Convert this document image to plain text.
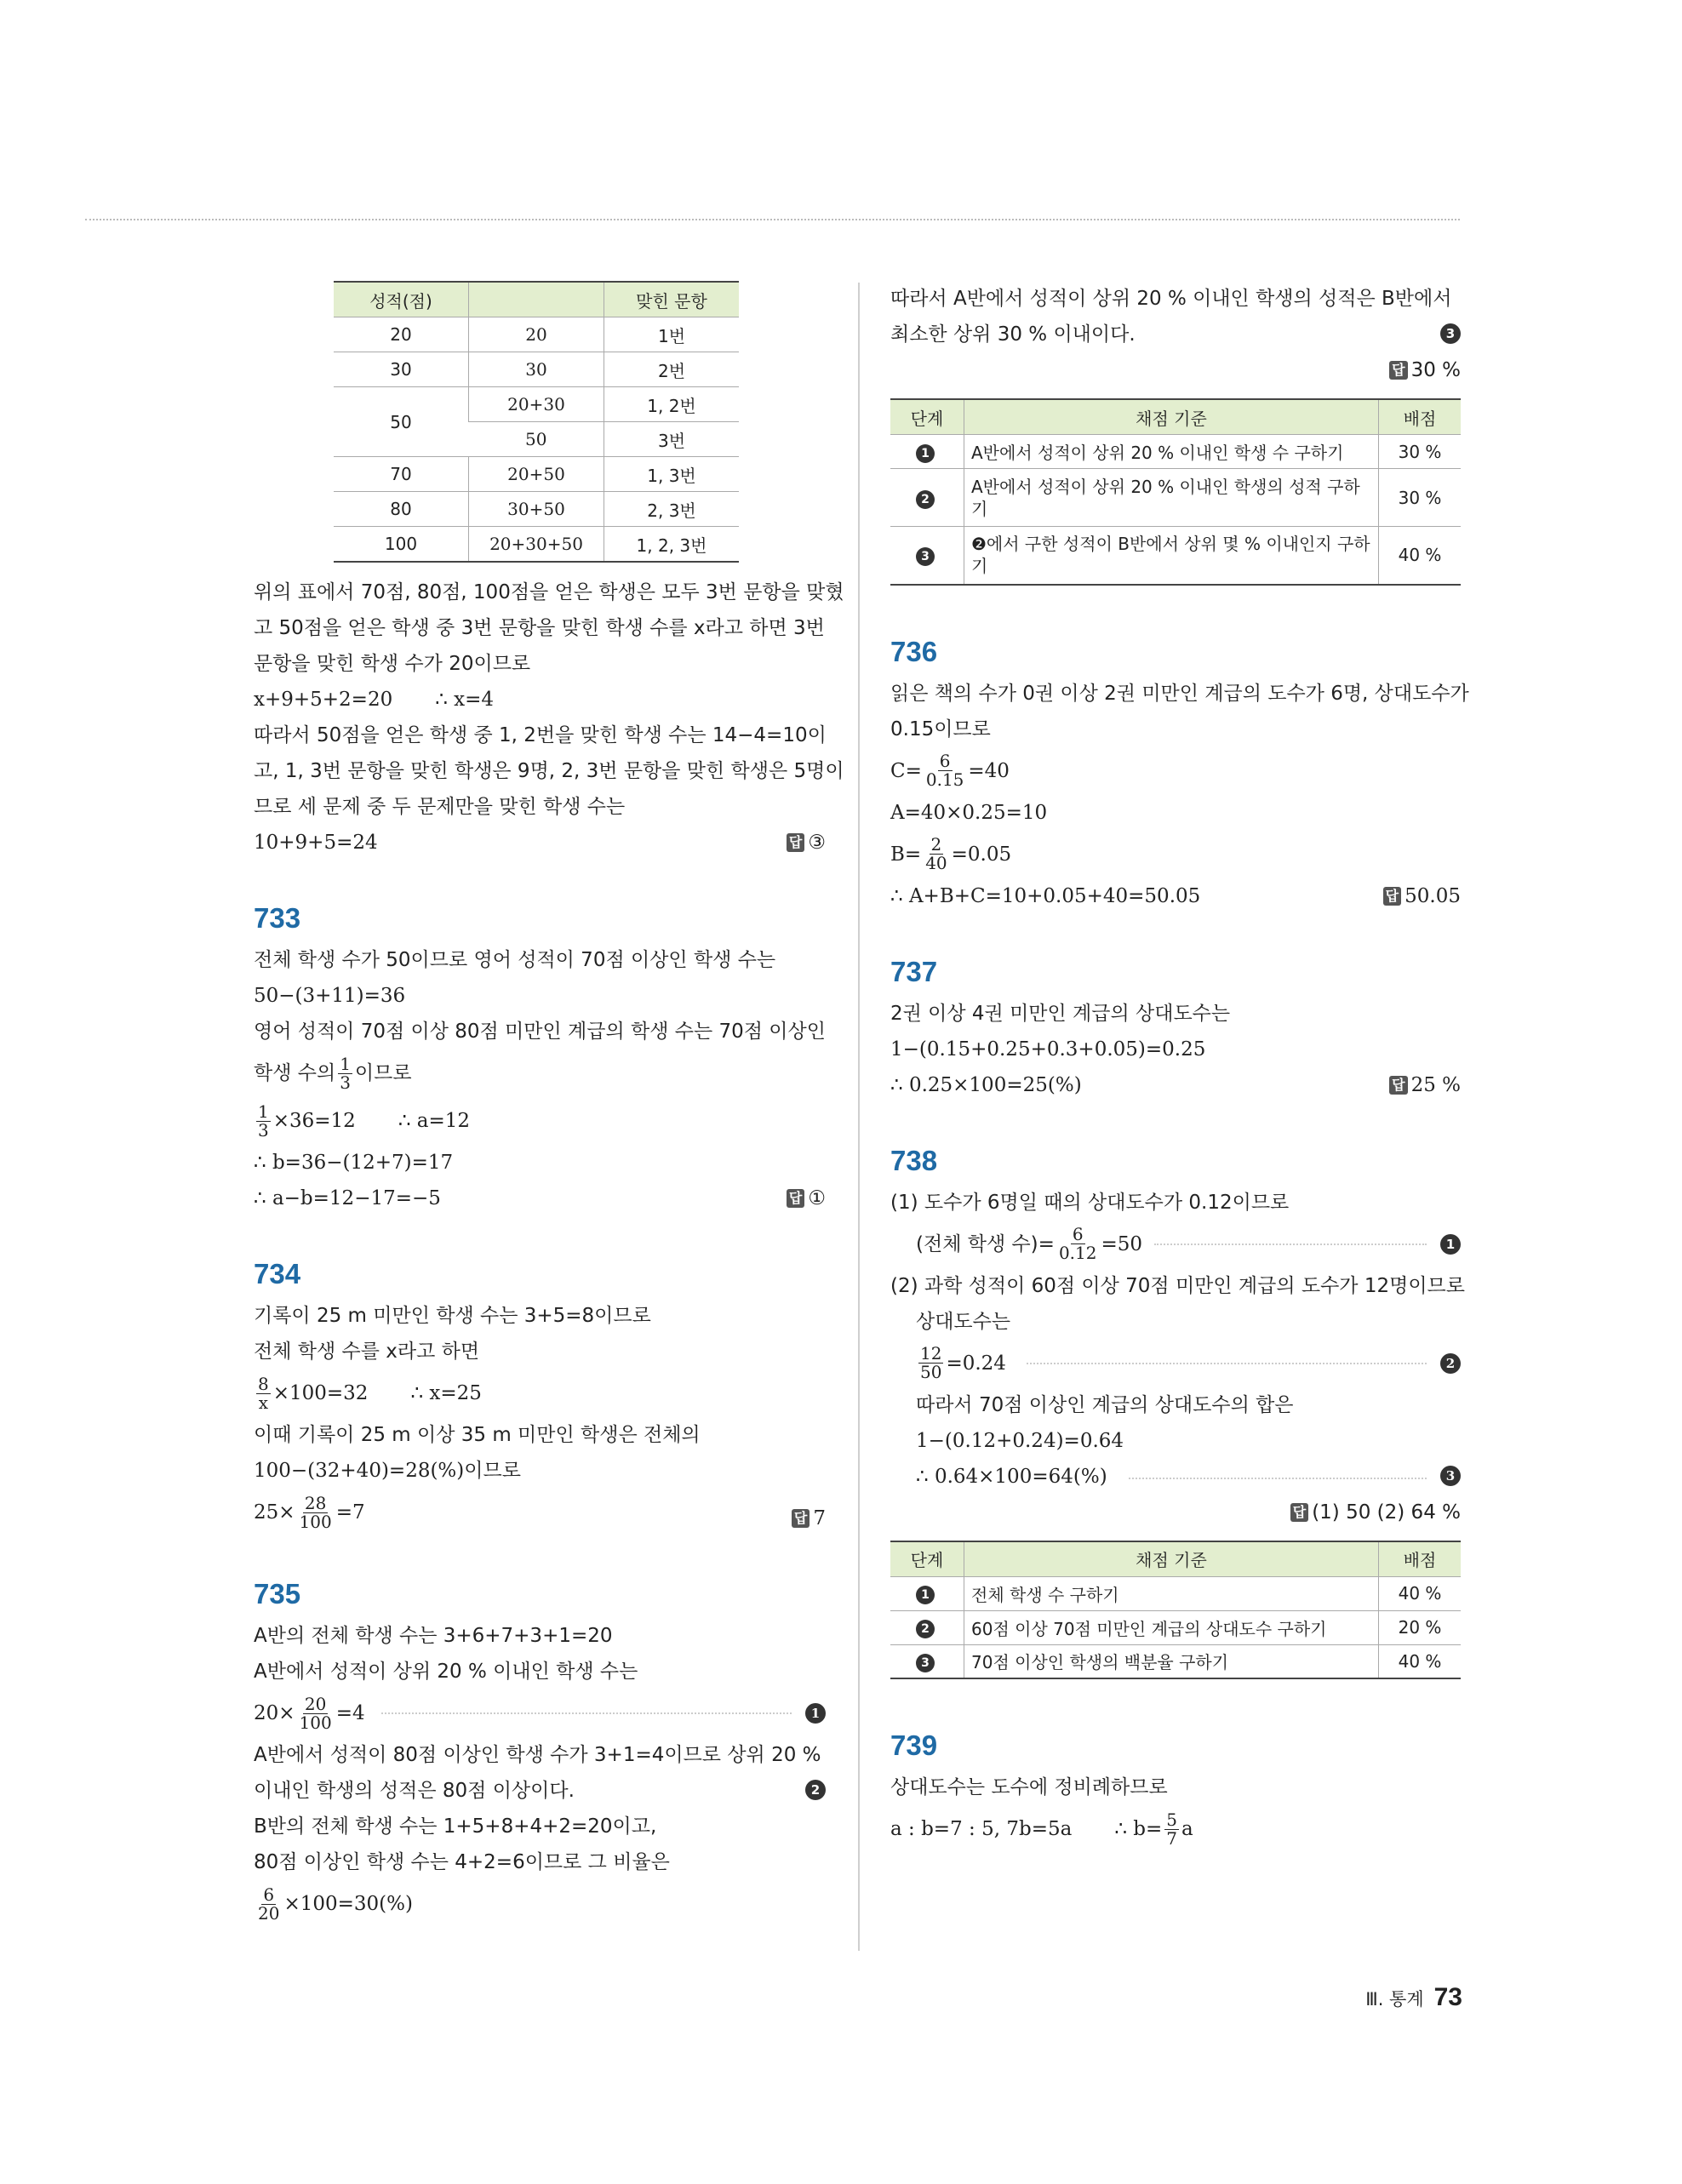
성적(점)		맞힌 문항
20	20	1번
30	30	2번
50	20+30	1, 2번
	50	3번
70	20+50	1, 3번
80	30+50	2, 3번
100	20+30+50	1, 2, 3번
위의 표에서 70점, 80점, 100점을 얻은 학생은 모두 3번 문항을 맞혔
고 50점을 얻은 학생 중 3번 문항을 맞힌 학생 수를 x라고 하면 3번
문항을 맞힌 학생 수가 20이므로
x+9+5+2=20 ∴ x=4
따라서 50점을 얻은 학생 중 1, 2번을 맞힌 학생 수는 14−4=10이
고, 1, 3번 문항을 맞힌 학생은 9명, 2, 3번 문항을 맞힌 학생은 5명이
므로 세 문제 중 두 문제만을 맞힌 학생 수는
10+9+5=24	답 ③
733
전체 학생 수가 50이므로 영어 성적이 70점 이상인 학생 수는
50−(3+11)=36
영어 성적이 70점 이상 80점 미만인 계급의 학생 수는 70점 이상인
학생 수의 $\frac{1}{3}$ 이므로
$\frac{1}{3} \times 36=12$ ∴ a=12
∴ b=36−(12+7)=17
∴ a−b=12−17=−5	답 ①
734
기록이 25 m 미만인 학생 수는 3+5=8이므로
전체 학생 수를 x라고 하면
$\frac{8}{x} \times 100=32$ ∴ x=25
이때 기록이 25 m 이상 35 m 미만인 학생은 전체의
100−(32+40)=28(%)이므로
$25\times \frac{28}{100} =7$	답 7
735
A반의 전체 학생 수는 3+6+7+3+1=20
A반에서 성적이 상위 20 % 이내인 학생 수는
$20\times \frac{20}{100} =4$	1
A반에서 성적이 80점 이상인 학생 수가 3+1=4이므로 상위 20 %
이내인 학생의 성적은 80점 이상이다.	2
B반의 전체 학생 수는 1+5+8+4+2=20이고,
80점 이상인 학생 수는 4+2=6이므로 그 비율은
$\frac{6}{20} \times 100=30(\%)$
따라서 A반에서 성적이 상위 20 % 이내인 학생의 성적은 B반에서
최소한 상위 30 % 이내이다.	3
답 30 %
단계	채점 기준	배점
1	A반에서 성적이 상위 20 % 이내인 학생 수 구하기	30 %
2	A반에서 성적이 상위 20 % 이내인 학생의 성적 구하기	30 %
3	❷에서 구한 성적이 B반에서 상위 몇 % 이내인지 구하기	40 %
736
읽은 책의 수가 0권 이상 2권 미만인 계급의 도수가 6명, 상대도수가
0.15이므로
$C= \frac{6}{0.15} =40$
A=40×0.25=10
$B= \frac{2}{40} =0.05$
∴ A+B+C=10+0.05+40=50.05	답 50.05
737
2권 이상 4권 미만인 계급의 상대도수는
1−(0.15+0.25+0.3+0.05)=0.25
∴ 0.25×100=25(%)	답 25 %
738
(1) 도수가 6명일 때의 상대도수가 0.12이므로
(전체 학생 수)= $\frac{6}{0.12} =50$	1
(2) 과학 성적이 60점 이상 70점 미만인 계급의 도수가 12명이므로
상대도수는
$\frac{12}{50} =0.24$	2
따라서 70점 이상인 계급의 상대도수의 합은
1−(0.12+0.24)=0.64
∴ 0.64×100=64(%)	3
답 (1) 50 (2) 64 %
단계	채점 기준	배점
1	전체 학생 수 구하기	40 %
2	60점 이상 70점 미만인 계급의 상대도수 구하기	20 %
3	70점 이상인 학생의 백분율 구하기	40 %
739
상대도수는 도수에 정비례하므로
a : b=7 : 5, 7b=5a ∴ $b= \frac{5}{7}$ a
Ⅲ. 통계 73
